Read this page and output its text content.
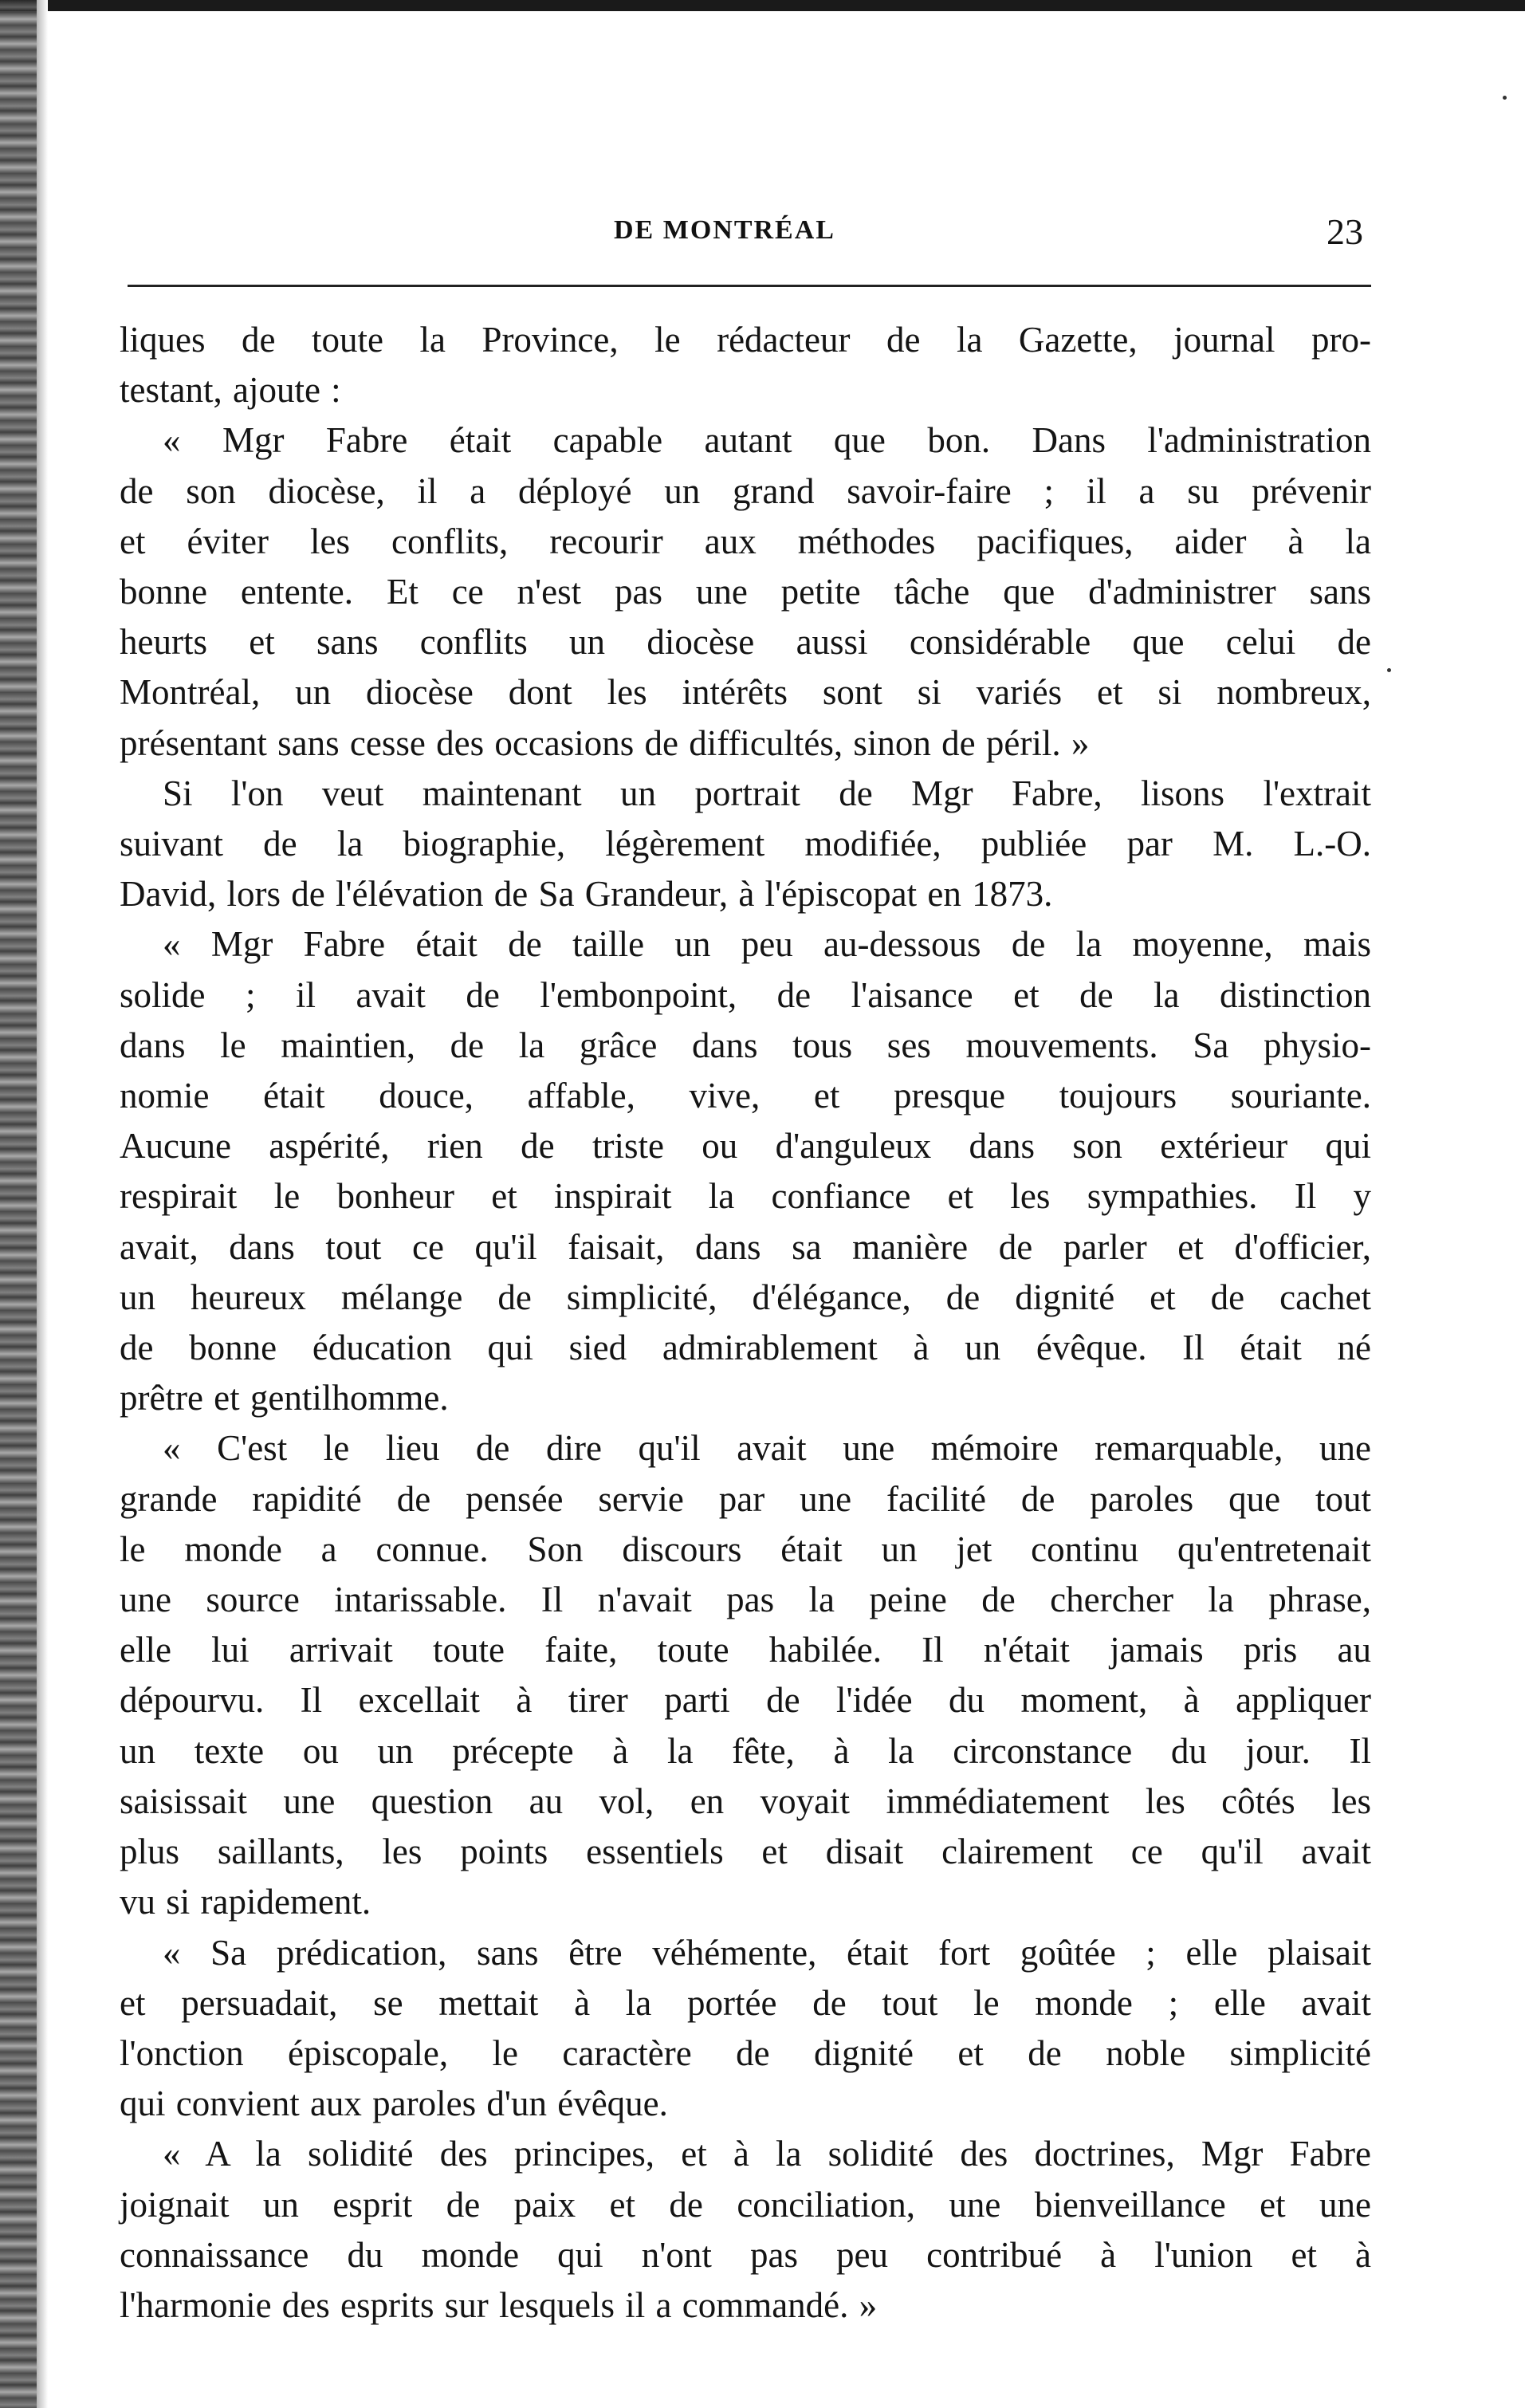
DE MONTRÉAL	23
liques de toute la Province, le rédacteur de la Gazette, journal pro-
testant, ajoute :
« Mgr Fabre était capable autant que bon. Dans l'administration
de son diocèse, il a déployé un grand savoir-faire ; il a su prévenir
et éviter les conflits, recourir aux méthodes pacifiques, aider à la
bonne entente. Et ce n'est pas une petite tâche que d'administrer sans
heurts et sans conflits un diocèse aussi considérable que celui de
Montréal, un diocèse dont les intérêts sont si variés et si nombreux,
présentant sans cesse des occasions de difficultés, sinon de péril. »
Si l'on veut maintenant un portrait de Mgr Fabre, lisons l'extrait
suivant de la biographie, légèrement modifiée, publiée par M. L.-O.
David, lors de l'élévation de Sa Grandeur, à l'épiscopat en 1873.
« Mgr Fabre était de taille un peu au-dessous de la moyenne, mais
solide ; il avait de l'embonpoint, de l'aisance et de la distinction
dans le maintien, de la grâce dans tous ses mouvements. Sa physio-
nomie était douce, affable, vive, et presque toujours souriante.
Aucune aspérité, rien de triste ou d'anguleux dans son extérieur qui
respirait le bonheur et inspirait la confiance et les sympathies. Il y
avait, dans tout ce qu'il faisait, dans sa manière de parler et d'officier,
un heureux mélange de simplicité, d'élégance, de dignité et de cachet
de bonne éducation qui sied admirablement à un évêque. Il était né
prêtre et gentilhomme.
« C'est le lieu de dire qu'il avait une mémoire remarquable, une
grande rapidité de pensée servie par une facilité de paroles que tout
le monde a connue. Son discours était un jet continu qu'entretenait
une source intarissable. Il n'avait pas la peine de chercher la phrase,
elle lui arrivait toute faite, toute habilée. Il n'était jamais pris au
dépourvu. Il excellait à tirer parti de l'idée du moment, à appliquer
un texte ou un précepte à la fête, à la circonstance du jour. Il
saisissait une question au vol, en voyait immédiatement les côtés les
plus saillants, les points essentiels et disait clairement ce qu'il avait
vu si rapidement.
« Sa prédication, sans être véhémente, était fort goûtée ; elle plaisait
et persuadait, se mettait à la portée de tout le monde ; elle avait
l'onction épiscopale, le caractère de dignité et de noble simplicité
qui convient aux paroles d'un évêque.
« A la solidité des principes, et à la solidité des doctrines, Mgr Fabre
joignait un esprit de paix et de conciliation, une bienveillance et une
connaissance du monde qui n'ont pas peu contribué à l'union et à
l'harmonie des esprits sur lesquels il a commandé. »
